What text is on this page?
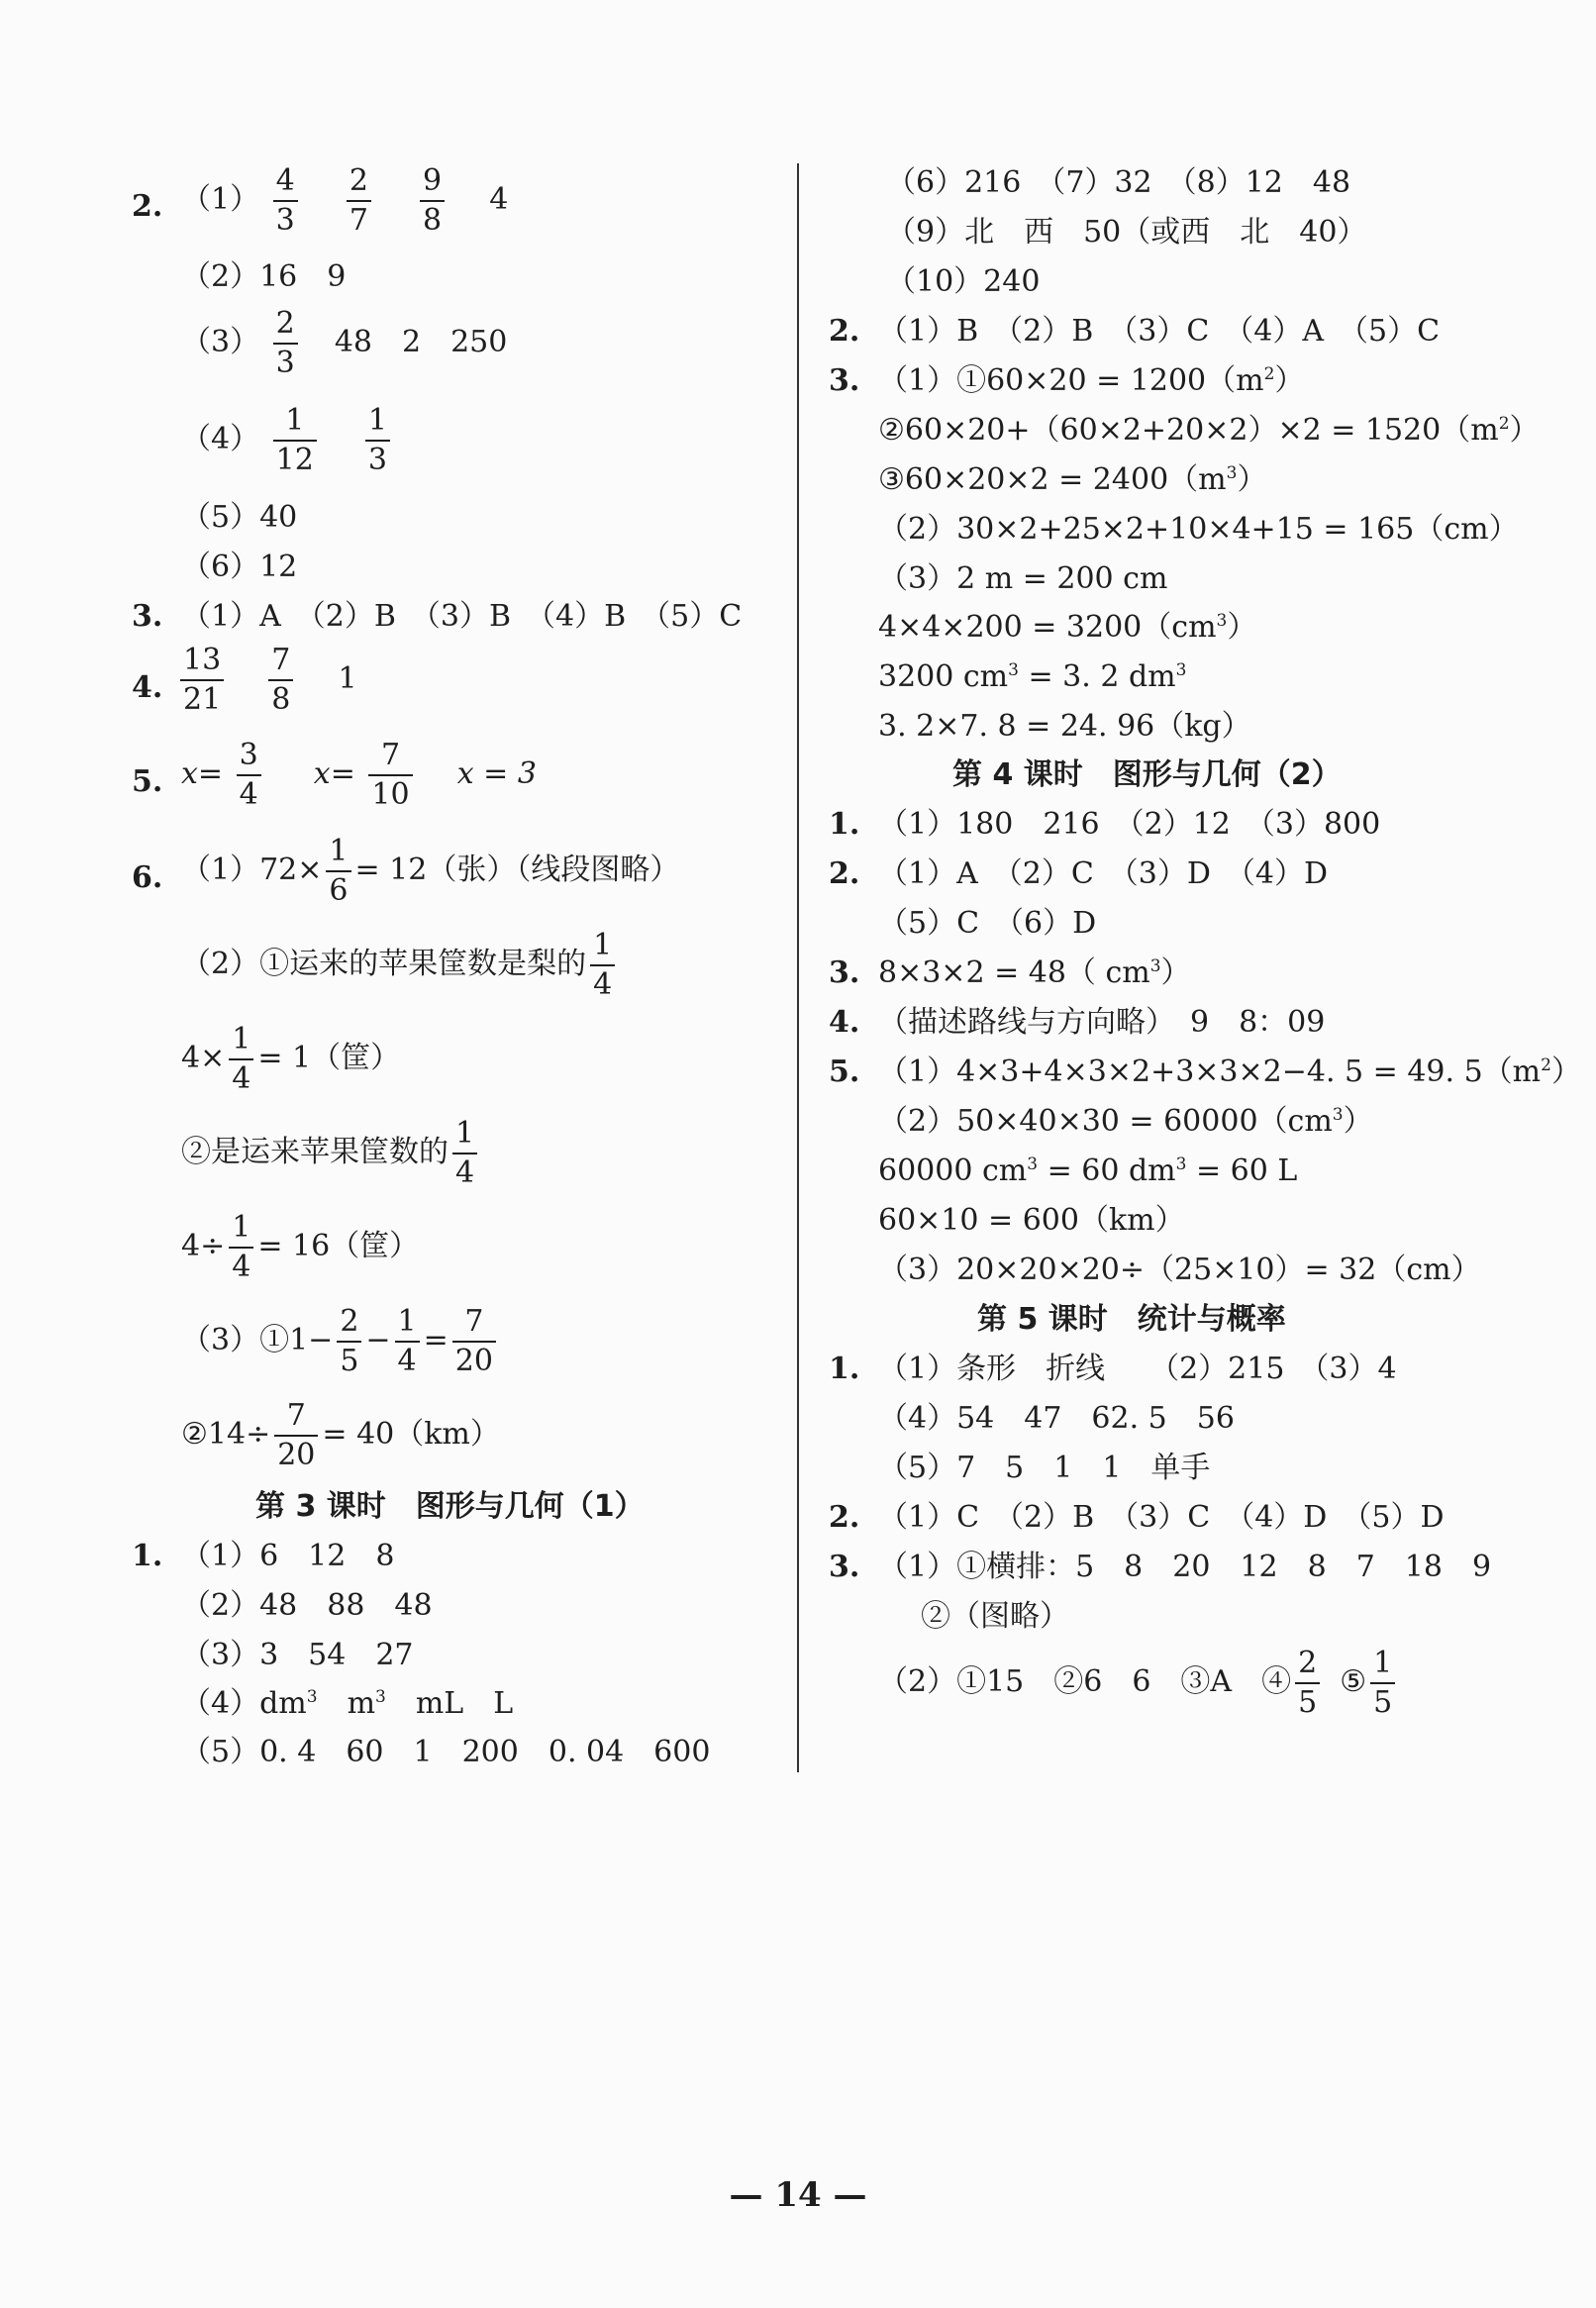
2. $(1) \frac{4}{3}$
$\frac{2}{7}$
$\frac{9}{8} 4$
（2）16　9
$(3) \frac{2}{3} 48$　2　250
$(4) \frac{1}{12}$
$\frac{1}{3}$
（5）40
（6）12
3. （1）A　（2）B　（3）B　（4）B　（5）C
4. $\frac{13}{21}$
$\frac{7}{8} 1$
5. $x= \frac{3}{4} x= \frac{7}{10}$ x = 3
6. $(1)72\times \frac{1}{6} = 12$（张）（线段图略）
（2）①运来的苹果筐数是梨的 $\frac{1}{4}$
$4\times \frac{1}{4} = 1$（筐）
②是运来苹果筐数的 $\frac{1}{4}$
$4\div \frac{1}{4} = 16$（筐）
（3）①1− $\frac{2}{5} - \frac{1}{4} = \frac{7}{20}$
②14÷ $\frac{7}{20} = 40(km)$
第 3 课时　图形与几何（1）
1. （1）6　12　8
（2）48　88　48
（3）3　54　27
$(4)dm^3$　$m^3$　mL　L
（5）0. 4　60　1　200　0. 04　600
（6）216　（7）32　（8）12　48
（9）北　西　50（或西　北　40）
（10）240
2. （1）B　（2）B　（3）C　（4）A　（5）C
3. （1）①60×20 = $1200(m^2)$
②60×20+（60×2+20×2）×2 = $1520(m^2)$
③60×20×2 = $2400(m^3)$
（2）30×2+25×2+10×4+15 = 165（cm）
（3）2 m = 200 cm
$4\times 4\times 200 = 3200(cm^3)$
3200 $cm^3 = 3$. 2 $dm^3$
3. 2×7. 8 = 24. 96（kg）
第 4 课时　图形与几何（2）
1. （1）180　216　（2）12　（3）800
2. （1）A　（2）C　（3）D　（4）D
（5）C　（6）D
3. 8×3×2 = 48（ $cm^3$）
4. （描述路线与方向略）　9　8：09
5. （1）4×3+4×3×2+3×3×2−4. 5 = 49. $5(m^2)$
$(2)50\times 40\times 30 = 60000(cm^3)$
60000 $cm^3 = 60$ $dm^3 = 60$ L
60×10 = 600（km）
（3）20×20×20÷（25×10）= 32（cm）
第 5 课时　统计与概率
1. （1）条形　折线　　（2）215　（3）4
（4）54　47　62. 5　56
（5）7　5　1　1　单手
2. （1）C　（2）B　（3）C　（4）D　（5）D
3. （1）①横排：5　8　20　12　8　7　18　9
②（图略）
（2）①15　②6　6　③A　④ $\frac{2}{5}$ ⑤ $\frac{1}{5}$
— 14 —
